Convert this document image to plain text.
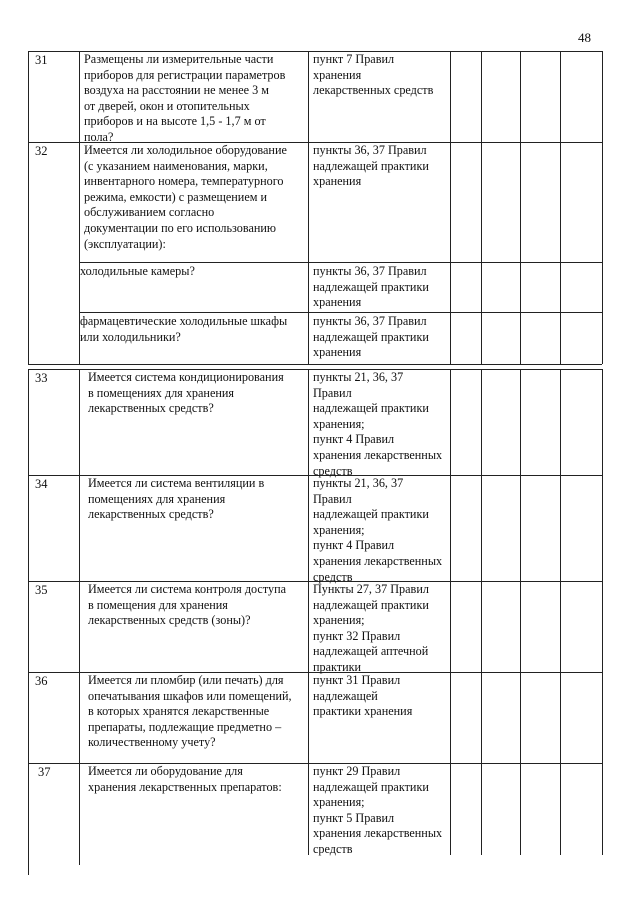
48
31	Размещены ли измерительные части
приборов для регистрации параметров
воздуха на расстоянии не менее 3 м
от дверей, окон и отопительных
приборов и на высоте 1,5 - 1,7 м от
пола?
пункт 7 Правил
хранения
лекарственных средств
32	Имеется ли холодильное оборудование
(с указанием наименования, марки,
инвентарного номера, температурного
режима, емкости) с размещением и
обслуживанием согласно
документации по его использованию
(эксплуатации):
пункты 36, 37 Правил
надлежащей практики
хранения
холодильные камеры?	пункты 36, 37 Правил
надлежащей практики
хранения
фармацевтические холодильные шкафы
или холодильники?
пункты 36, 37 Правил
надлежащей практики
хранения
33	Имеется система кондиционирования
в помещениях для хранения
лекарственных средств?
пункты 21, 36, 37
Правил
надлежащей практики
хранения;
пункт 4 Правил
хранения лекарственных
средств
34	Имеется ли система вентиляции в
помещениях для хранения
лекарственных средств?
пункты 21, 36, 37
Правил
надлежащей практики
хранения;
пункт 4 Правил
хранения лекарственных
средств
35	Имеется ли система контроля доступа
в помещения для хранения
лекарственных средств (зоны)?
Пункты 27, 37 Правил
надлежащей практики
хранения;
пункт 32 Правил
надлежащей аптечной
практики
36	Имеется ли пломбир (или печать) для
опечатывания шкафов или помещений,
в которых хранятся лекарственные
препараты, подлежащие предметно –
количественному учету?
пункт 31 Правил
надлежащей
практики хранения
37	Имеется ли оборудование для
хранения лекарственных препаратов:
пункт 29 Правил
надлежащей практики
хранения;
пункт 5 Правил
хранения лекарственных
средств
